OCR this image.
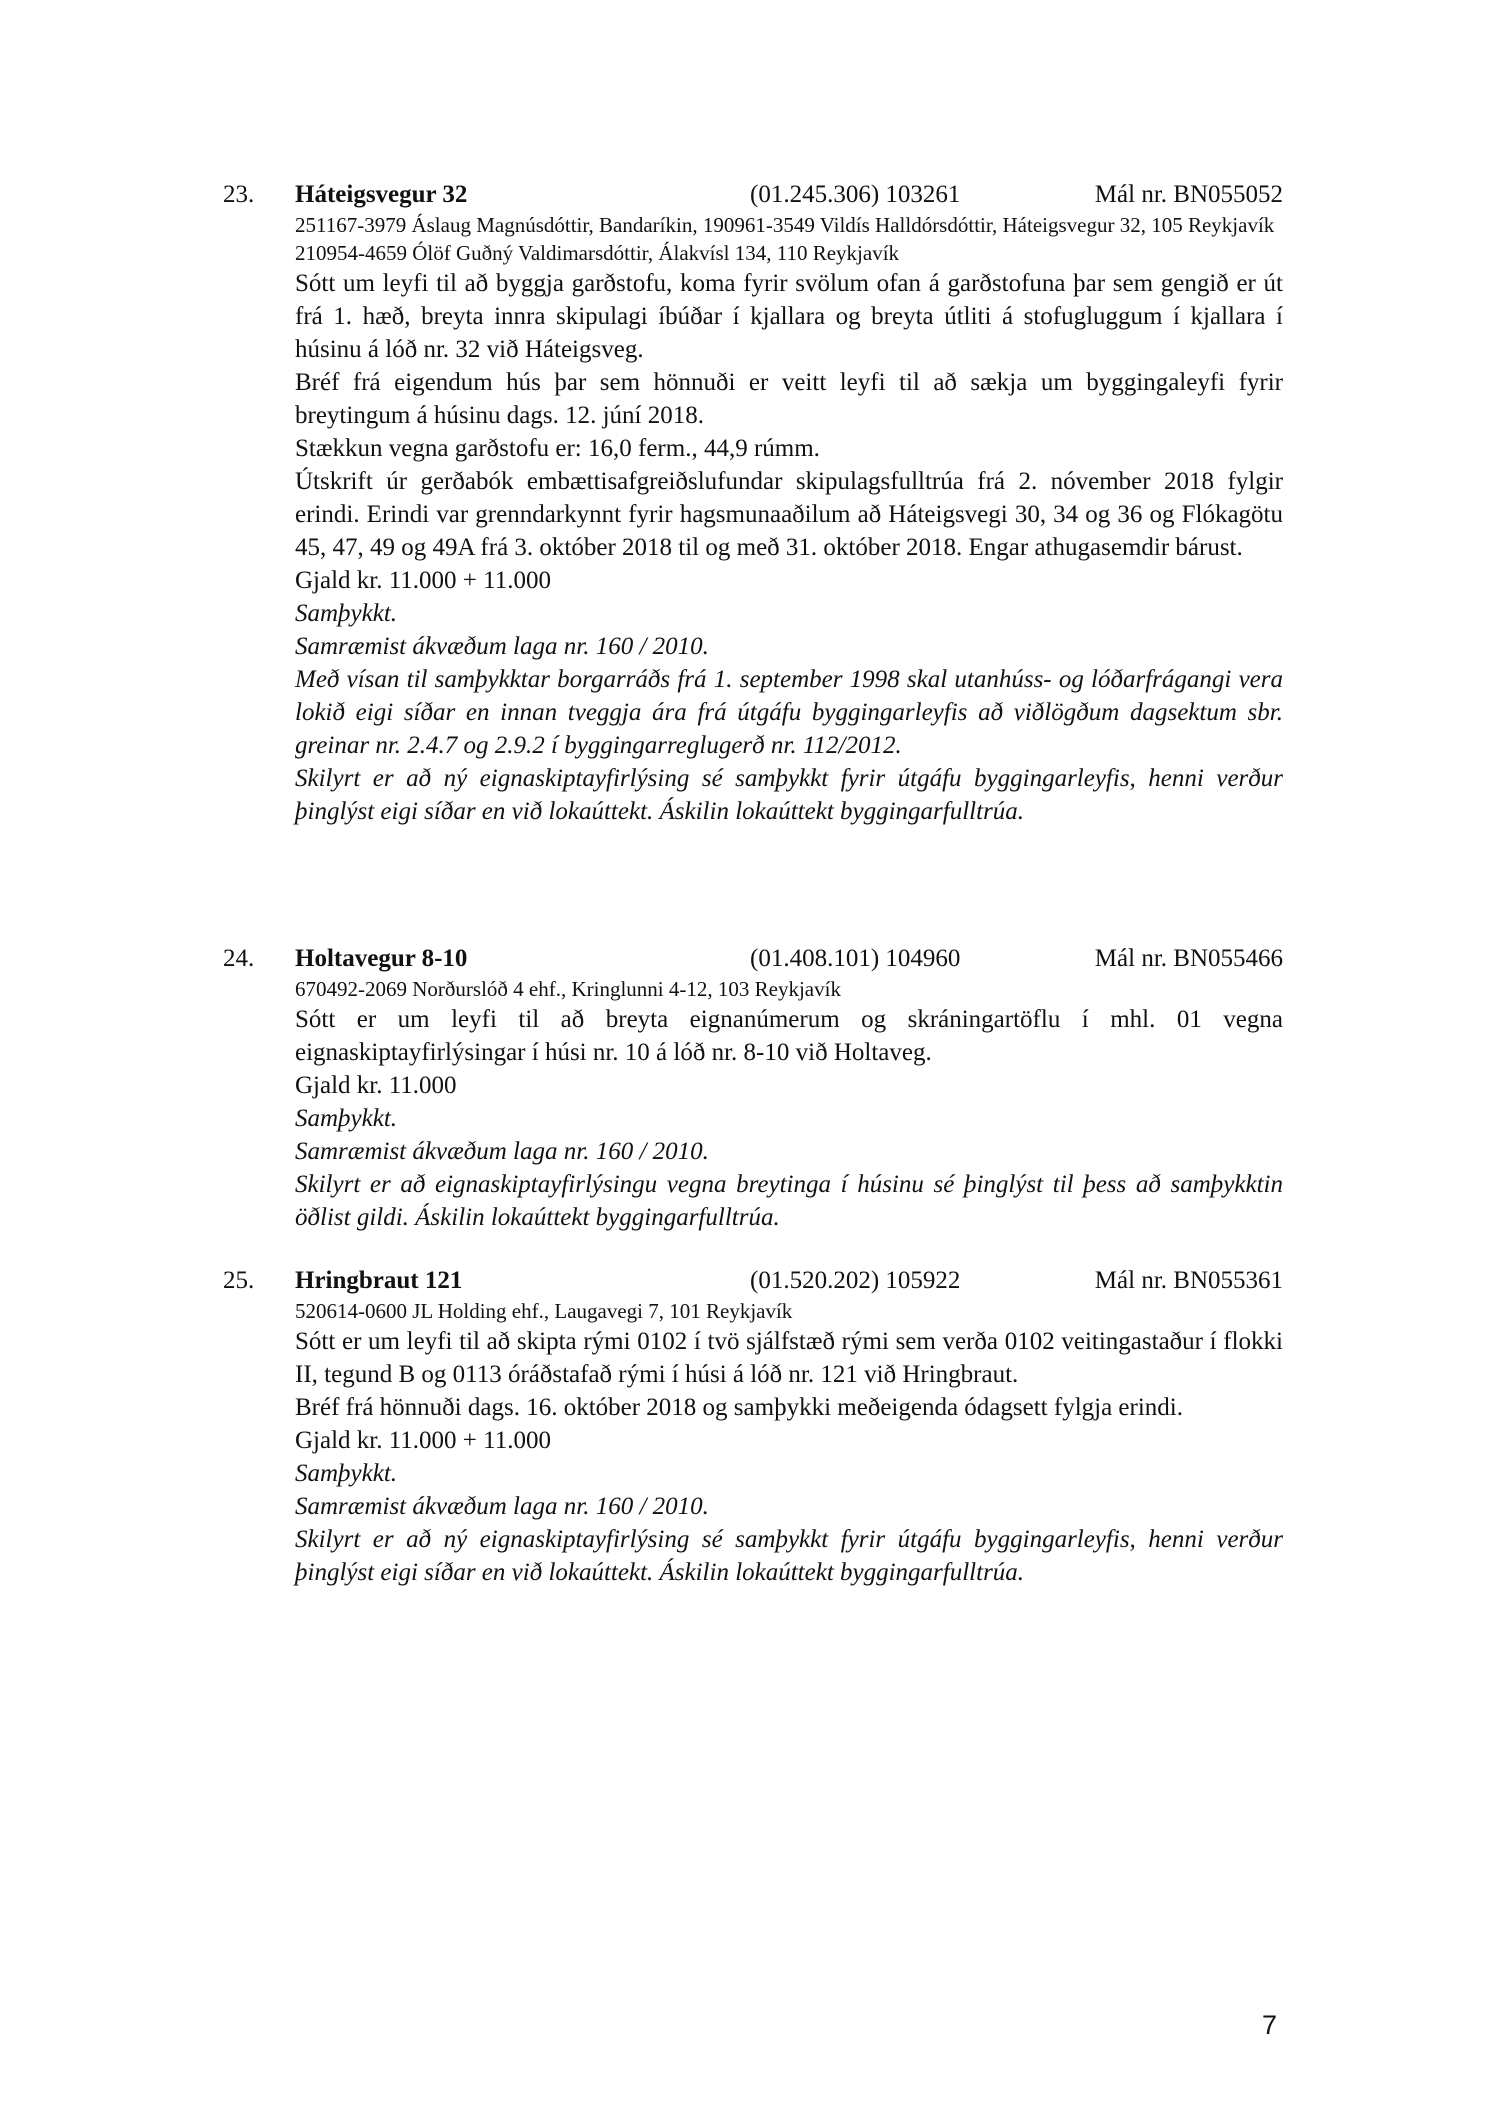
23. Háteigsvegur 32	(01.245.306) 103261	Mál nr. BN055052

251167-3979 Áslaug Magnúsdóttir, Bandaríkin, 190961-3549 Vildís Halldórsdóttir, Háteigsvegur 32, 105 Reykjavík

210954-4659 Ólöf Guðný Valdimarsdóttir, Álakvísl 134, 110 Reykjavík

Sótt um leyfi til að byggja garðstofu, koma fyrir svölum ofan á garðstofuna þar sem gengið er út frá 1. hæð, breyta innra skipulagi íbúðar í kjallara og breyta útliti á stofugluggum í kjallara í húsinu á lóð nr. 32 við Háteigsveg.

Bréf frá eigendum hús þar sem hönnuði er veitt leyfi til að sækja um byggingaleyfi fyrir breytingum á húsinu dags. 12. júní 2018.

Stækkun vegna garðstofu er: 16,0 ferm., 44,9 rúmm.

Útskrift úr gerðabók embættisafgreiðslufundar skipulagsfulltrúa frá 2. nóvember 2018 fylgir erindi. Erindi var grenndarkynnt fyrir hagsmunaaðilum að Háteigsvegi 30, 34 og 36 og Flókagötu 45, 47, 49 og 49A frá 3. október 2018 til og með 31. október 2018. Engar athugasemdir bárust.

Gjald kr. 11.000 + 11.000

Samþykkt.

Samræmist ákvæðum laga nr. 160 / 2010.

Með vísan til samþykktar borgarráðs frá 1. september 1998 skal utanhúss- og lóðarfrágangi vera lokið eigi síðar en innan tveggja ára frá útgáfu byggingarleyfis að viðlögðum dagsektum sbr. greinar nr. 2.4.7 og 2.9.2 í byggingarreglugerð nr. 112/2012.

Skilyrt er að ný eignaskiptayfirlýsing sé samþykkt fyrir útgáfu byggingarleyfis, henni verður þinglýst eigi síðar en við lokaúttekt. Áskilin lokaúttekt byggingarfulltrúa.

24. Holtavegur 8-10	(01.408.101) 104960	Mál nr. BN055466

670492-2069 Norðurslóð 4 ehf., Kringlunni 4-12, 103 Reykjavík

Sótt er um leyfi til að breyta eignanúmerum og skráningartöflu í mhl. 01 vegna eignaskiptayfirlýsingar í húsi nr. 10 á lóð nr. 8-10 við Holtaveg.

Gjald kr. 11.000

Samþykkt.

Samræmist ákvæðum laga nr. 160 / 2010.

Skilyrt er að eignaskiptayfirlýsingu vegna breytinga í húsinu sé þinglýst til þess að samþykktin öðlist gildi. Áskilin lokaúttekt byggingarfulltrúa.

25. Hringbraut 121	(01.520.202) 105922	Mál nr. BN055361

520614-0600 JL Holding ehf., Laugavegi 7, 101 Reykjavík

Sótt er um leyfi til að skipta rými 0102 í tvö sjálfstæð rými sem verða 0102 veitingastaður í flokki II, tegund B og 0113 óráðstafað rými í húsi á lóð nr. 121 við Hringbraut.

Bréf frá hönnuði dags. 16. október 2018 og samþykki meðeigenda ódagsett fylgja erindi.

Gjald kr. 11.000 + 11.000

Samþykkt.

Samræmist ákvæðum laga nr. 160 / 2010.

Skilyrt er að ný eignaskiptayfirlýsing sé samþykkt fyrir útgáfu byggingarleyfis, henni verður þinglýst eigi síðar en við lokaúttekt. Áskilin lokaúttekt byggingarfulltrúa.

7
